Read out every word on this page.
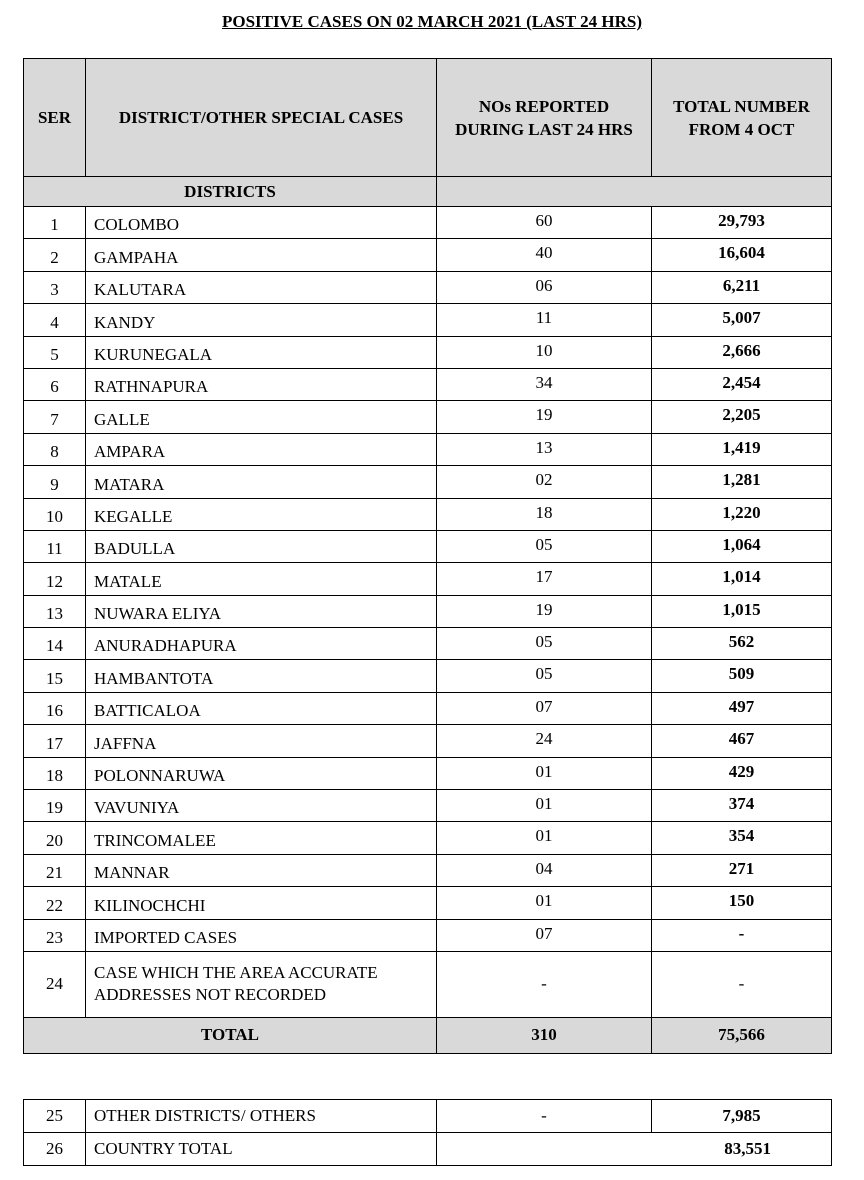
POSITIVE CASES ON 02 MARCH 2021 (LAST 24 HRS)
SER	DISTRICT/OTHER SPECIAL CASES	NOs REPORTED DURING LAST 24 HRS	TOTAL NUMBER FROM 4 OCT
DISTRICTS			
1	COLOMBO	60	29,793
2	GAMPAHA	40	16,604
3	KALUTARA	06	6,211
4	KANDY	11	5,007
5	KURUNEGALA	10	2,666
6	RATHNAPURA	34	2,454
7	GALLE	19	2,205
8	AMPARA	13	1,419
9	MATARA	02	1,281
10	KEGALLE	18	1,220
11	BADULLA	05	1,064
12	MATALE	17	1,014
13	NUWARA ELIYA	19	1,015
14	ANURADHAPURA	05	562
15	HAMBANTOTA	05	509
16	BATTICALOA	07	497
17	JAFFNA	24	467
18	POLONNARUWA	01	429
19	VAVUNIYA	01	374
20	TRINCOMALEE	01	354
21	MANNAR	04	271
22	KILINOCHCHI	01	150
23	IMPORTED CASES	07	-
24	CASE WHICH THE AREA ACCURATE ADDRESSES NOT RECORDED	-	-
TOTAL		310	75,566
25	OTHER DISTRICTS/ OTHERS	-	7,985
26	COUNTRY TOTAL	83,551	
